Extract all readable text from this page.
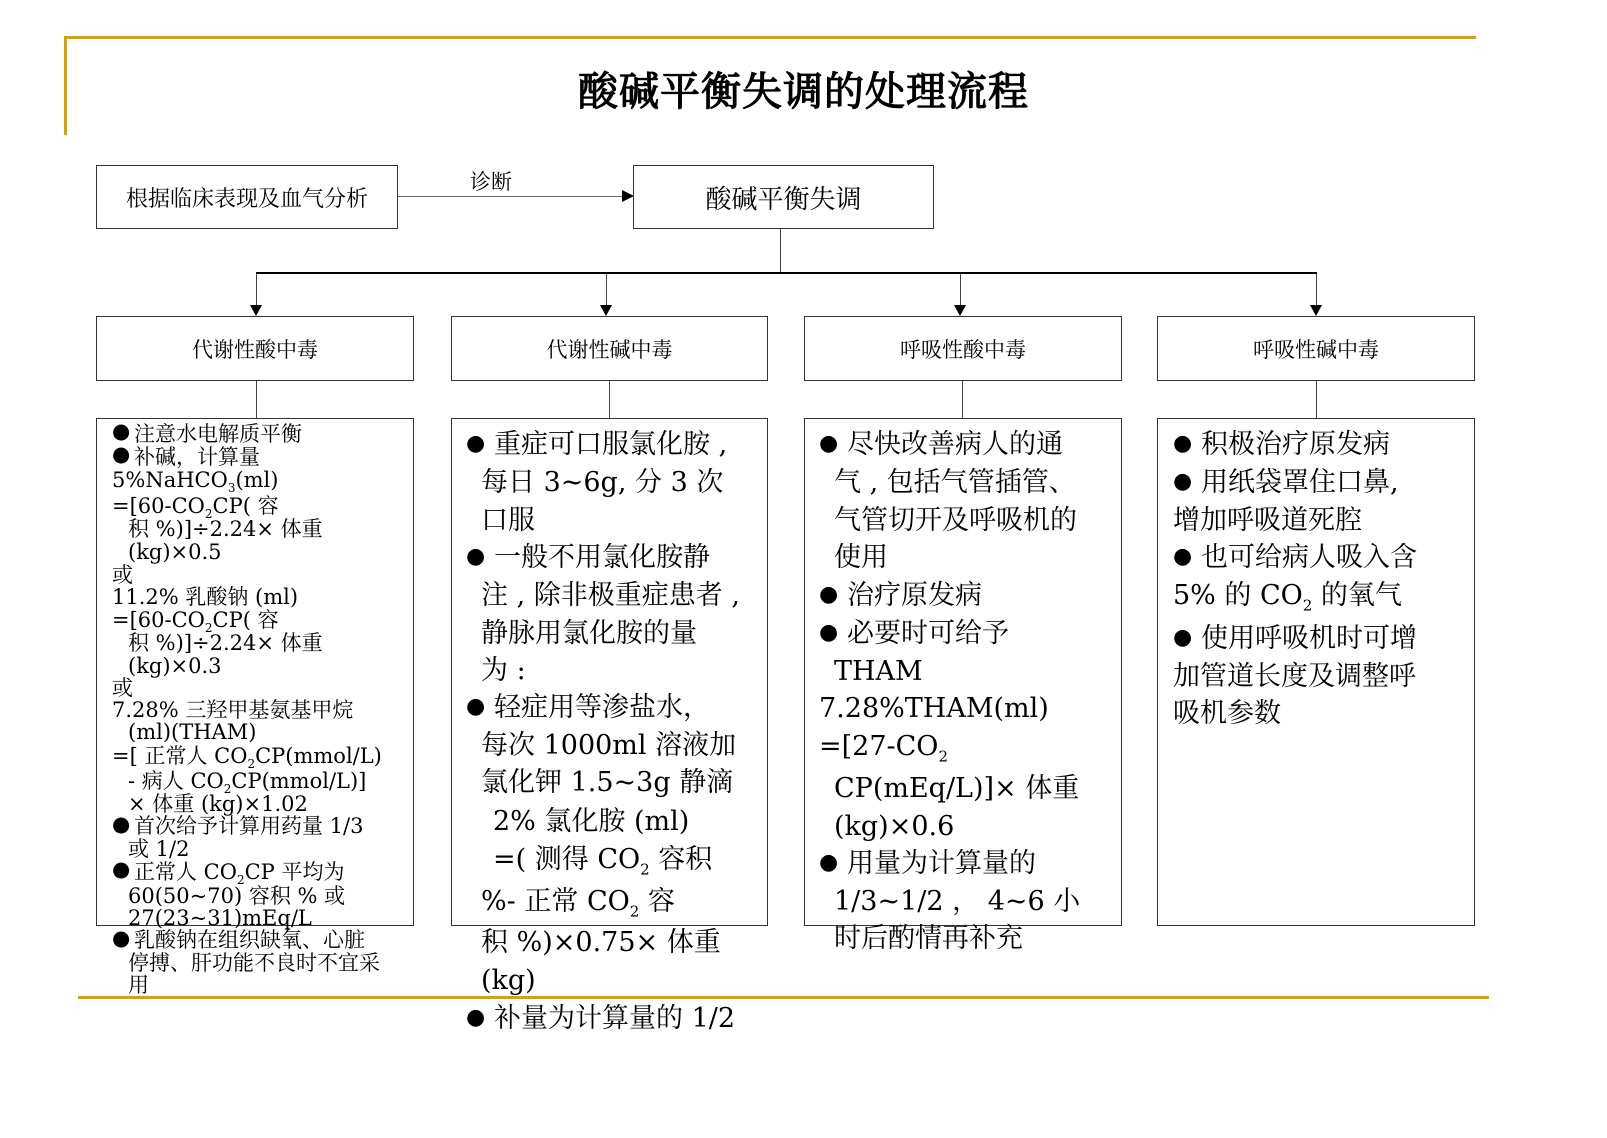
酸碱平衡失调的处理流程
根据临床表现及血气分析
诊断
酸碱平衡失调
代谢性酸中毒	代谢性碱中毒	呼吸性酸中毒	呼吸性碱中毒
● 注意水电解质平衡
● 补碱，计算量
5%NaHCO$_3$(ml)
$=[60-CO_2CP$( 容
积 %)]÷2.24× 体重
(kg)×0.5
或
11.2% 乳酸钠 (ml)
$=[60-CO_2CP$( 容
积 %)]÷2.24× 体重
(kg)×0.3
或
7.28% 三羟甲基氨基甲烷
(ml)(THAM)
=[ 正常人 $CO_2CP(mmol/L)$
- 病人 $CO_2CP(mmol/L)$]
× 体重 (kg)×1.02
● 首次给予计算用药量 1/3
或 1/2
● 正常人 $CO_2CP$ 平均为
60(50~70) 容积 % 或
27(23~31)mEq/L
● 乳酸钠在组织缺氧、心脏
停搏、肝功能不良时不宜采
用
● 重症可口服氯化胺 ,
每日 3~6g, 分 3 次
口服
● 一般不用氯化胺静
注 , 除非极重症患者 ,
静脉用氯化胺的量
为 :
● 轻症用等渗盐水，
每次 1000ml 溶液加
氯化钾 1.5~3g 静滴
2% 氯化胺 (ml)
=( 测得 $CO_2$ 容积
%- 正常 $CO_2$ 容
积 %)×0.75× 体重
(kg)
● 补量为计算量的 1/2
● 尽快改善病人的通
气 , 包括气管插管、
气管切开及呼吸机的
使用
● 治疗原发病
● 必要时可给予
THAM
7.28%THAM(ml)
$=[27-CO_2$
CP(mEq/L)]× 体重
(kg)×0.6
● 用量为计算量的
1/3~1/2 ， 4~6 小
时后酌情再补充
● 积极治疗原发病
● 用纸袋罩住口鼻,
增加呼吸道死腔
● 也可给病人吸入含
5% 的 $CO_2$ 的氧气
● 使用呼吸机时可增
加管道长度及调整呼
吸机参数
